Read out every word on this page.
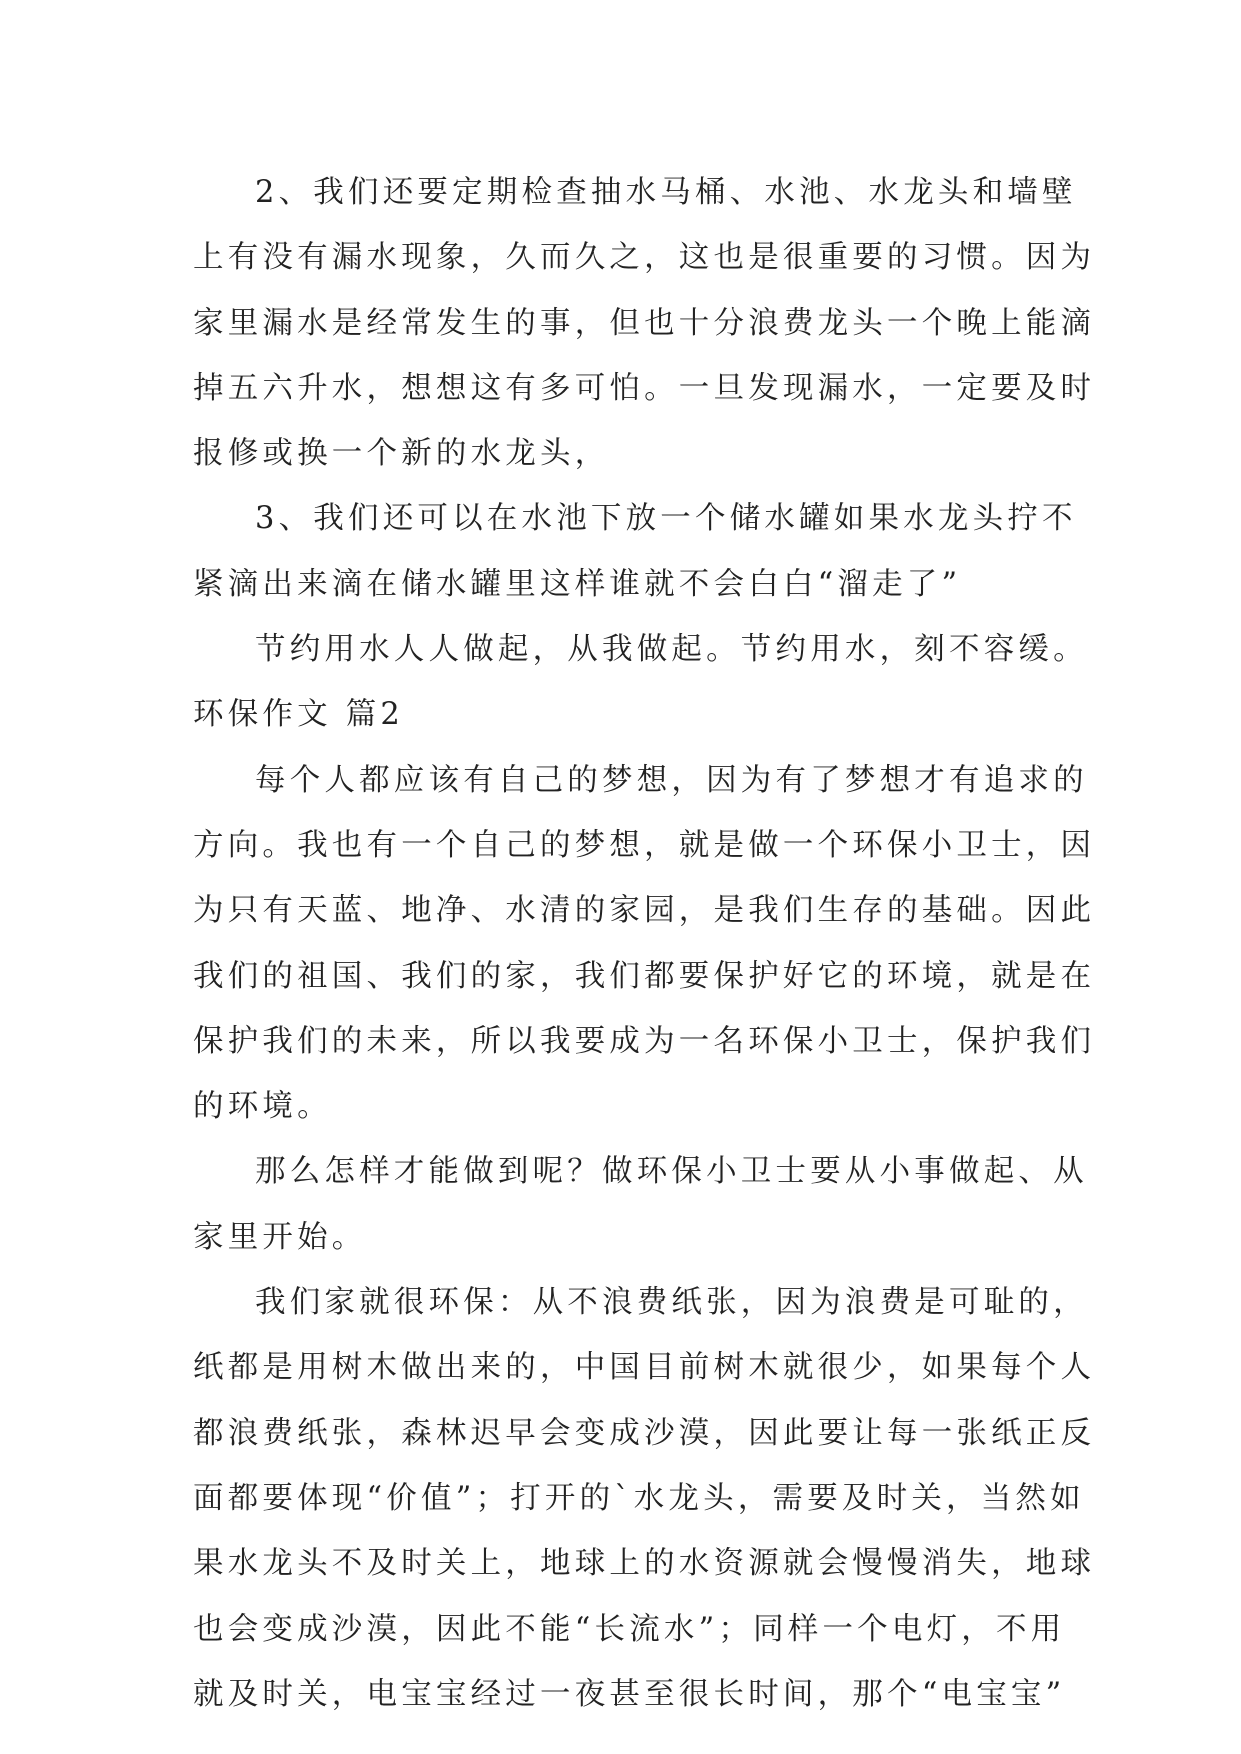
2、我们还要定期检查抽水马桶、水池、水龙头和墙壁
上有没有漏水现象，久而久之，这也是很重要的习惯。因为
家里漏水是经常发生的事，但也十分浪费龙头一个晚上能滴
掉五六升水，想想这有多可怕。一旦发现漏水，一定要及时
报修或换一个新的水龙头，
3、我们还可以在水池下放一个储水罐如果水龙头拧不
紧滴出来滴在储水罐里这样谁就不会白白“溜走了”
节约用水人人做起，从我做起。节约用水，刻不容缓。
环保作文 篇2
每个人都应该有自己的梦想，因为有了梦想才有追求的
方向。我也有一个自己的梦想，就是做一个环保小卫士，因
为只有天蓝、地净、水清的家园，是我们生存的基础。因此
我们的祖国、我们的家，我们都要保护好它的环境，就是在
保护我们的未来，所以我要成为一名环保小卫士，保护我们
的环境。
那么怎样才能做到呢？做环保小卫士要从小事做起、从
家里开始。
我们家就很环保：从不浪费纸张，因为浪费是可耻的，
纸都是用树木做出来的，中国目前树木就很少，如果每个人
都浪费纸张，森林迟早会变成沙漠，因此要让每一张纸正反
面都要体现“价值”；打开的`水龙头，需要及时关，当然如
果水龙头不及时关上，地球上的水资源就会慢慢消失，地球
也会变成沙漠，因此不能“长流水”；同样一个电灯，不用
就及时关，电宝宝经过一夜甚至很长时间，那个“电宝宝”
